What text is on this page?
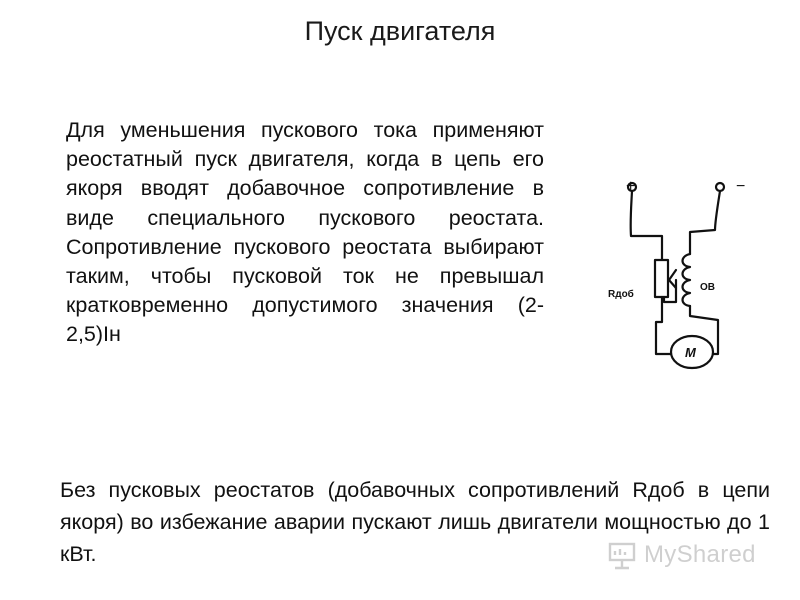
Пуск двигателя
Для уменьшения пускового тока применяют реостатный пуск двигателя, когда в цепь его якоря вводят добавочное сопротивление в виде специального пускового реостата. Сопротивление пускового реостата выбирают таким, чтобы пусковой ток не превышал кратковременно допустимого значения (2-2,5)Iн
+	−
Rдоб
ОВ
M
Без пусковых реостатов (добавочных сопротивлений Rдоб в цепи якоря) во избежание аварии пускают лишь двигатели мощностью до 1 кВт.	MyShared
